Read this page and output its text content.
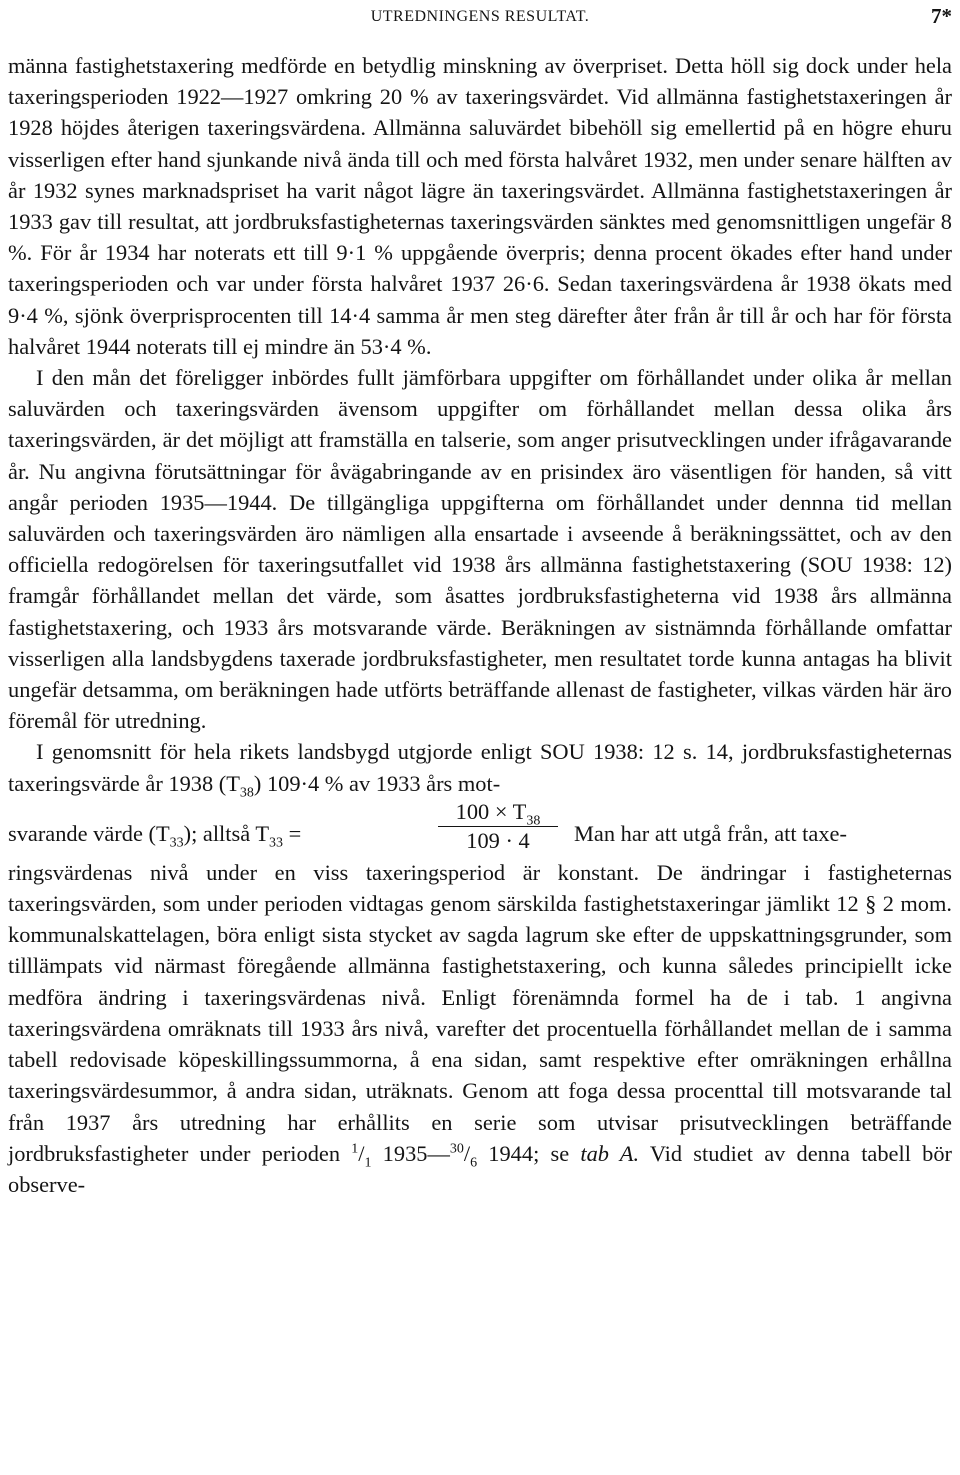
UTREDNINGENS RESULTAT.	7*

männa fastighetstaxering medförde en betydlig minskning av överpriset. Detta höll sig dock under hela taxeringsperioden 1922—1927 omkring 20 % av taxeringsvärdet. Vid allmänna fastighetstaxeringen år 1928 höjdes återigen taxeringsvärdena. Allmänna saluvärdet bibehöll sig emellertid på en högre ehuru visserligen efter hand sjunkande nivå ända till och med första halvåret 1932, men under senare hälften av år 1932 synes marknadspriset ha varit något lägre än taxeringsvärdet. Allmänna fastighetstaxeringen år 1933 gav till resultat, att jordbruksfastigheternas taxeringsvärden sänktes med genomsnittligen ungefär 8 %. För år 1934 har noterats ett till 9·1 % uppgående överpris; denna procent ökades efter hand under taxeringsperioden och var under första halvåret 1937 26·6. Sedan taxeringsvärdena år 1938 ökats med 9·4 %, sjönk överprisprocenten till 14·4 samma år men steg därefter åter från år till år och har för första halvåret 1944 noterats till ej mindre än 53·4 %.

I den mån det föreligger inbördes fullt jämförbara uppgifter om förhållandet under olika år mellan saluvärden och taxeringsvärden ävensom uppgifter om förhållandet mellan dessa olika års taxeringsvärden, är det möjligt att framställa en talserie, som anger prisutvecklingen under ifrågavarande år. Nu angivna förutsättningar för åvägabringande av en prisindex äro väsentligen för handen, så vitt angår perioden 1935—1944. De tillgängliga uppgifterna om förhållandet under dennna tid mellan saluvärden och taxeringsvärden äro nämligen alla ensartade i avseende å beräkningssättet, och av den officiella redogörelsen för taxeringsutfallet vid 1938 års allmänna fastighetstaxering (SOU 1938: 12) framgår förhållandet mellan det värde, som åsattes jordbruksfastigheterna vid 1938 års allmänna fastighetstaxering, och 1933 års motsvarande värde. Beräkningen av sistnämnda förhållande omfattar visserligen alla landsbygdens taxerade jordbruksfastigheter, men resultatet torde kunna antagas ha blivit ungefär detsamma, om beräkningen hade utförts beträffande allenast de fastigheter, vilkas värden här äro föremål för utredning.

I genomsnitt för hela rikets landsbygd utgjorde enligt SOU 1938: 12 s. 14, jordbruksfastigheternas taxeringsvärde år 1938 $(T_{38})$ 109·4 % av 1933 års mot-

svarande värde $(T_{33})$; alltså $T_{33}$ =	$\frac{100 \times T_{38}}{109 \cdot 4}$ Man har att utgå från, att taxe-

ringsvärdenas nivå under en viss taxeringsperiod är konstant. De ändringar i fastigheternas taxeringsvärden, som under perioden vidtagas genom särskilda fastighetstaxeringar jämlikt 12 § 2 mom. kommunalskattelagen, böra enligt sista stycket av sagda lagrum ske efter de uppskattningsgrunder, som tilllämpats vid närmast föregående allmänna fastighetstaxering, och kunna således principiellt icke medföra ändring i taxeringsvärdenas nivå. Enligt förenämnda formel ha de i tab. 1 angivna taxeringsvärdena omräknats till 1933 års nivå, varefter det procentuella förhållandet mellan de i samma tabell redovisade köpeskillingssummorna, å ena sidan, samt respektive efter omräkningen erhållna taxeringsvärdesummor, å andra sidan, uträknats. Genom att foga dessa procenttal till motsvarande tal från 1937 års utredning har erhållits en serie som utvisar prisutvecklingen beträffande jordbruksfastigheter under perioden $^1/_1$ $1935—^{30}/_6$ 1944; se tab A. Vid studiet av denna tabell bör observe-
